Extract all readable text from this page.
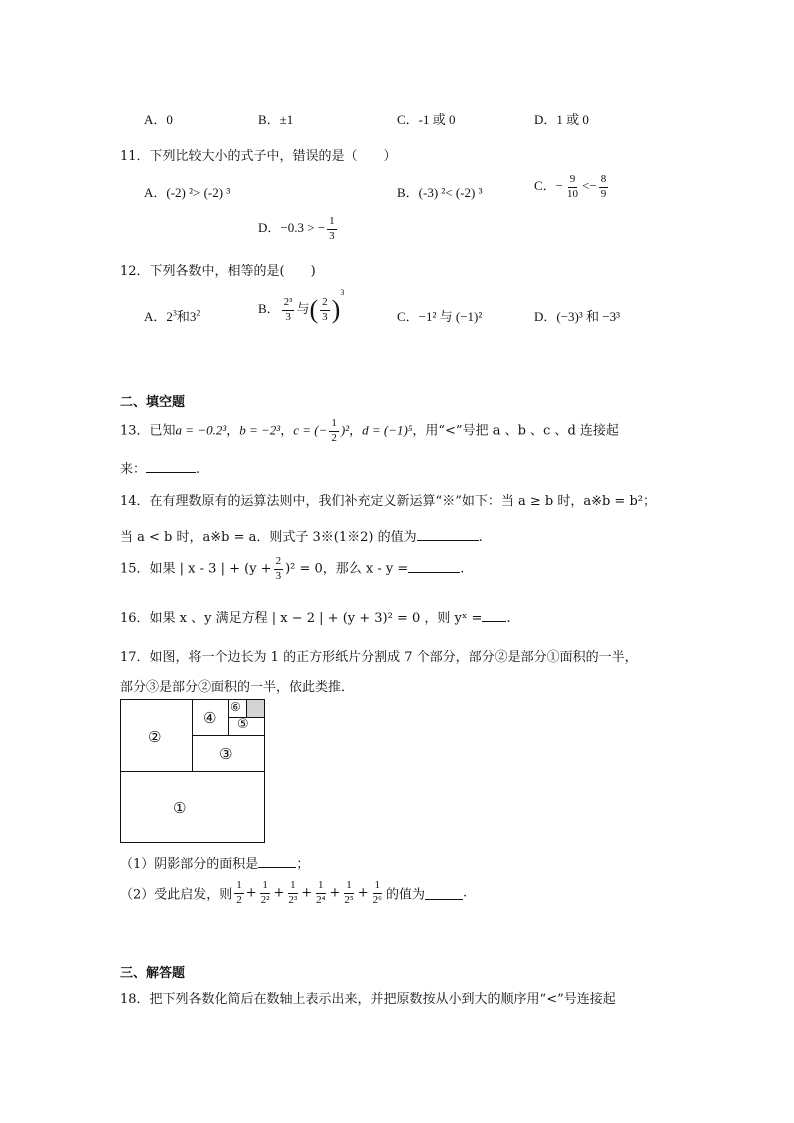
A．0	B．±1	C．-1 或 0	D．1 或 0
11．下列比较大小的式子中，错误的是（　　）
A．(-2) ²> (-2) ³	B．(-3) ²< (-2) ³	C．− $\frac{9}{10} <- \frac{8}{9}$
D．−0.3 > − $\frac{1}{3}$
12．下列各数中，相等的是(　　)
A．$2^3$和$3^2$	B． $\frac{\text{2³}}{3}$ 与( $\frac{2}{3} )^3$
C．−1² 与 (−1)²	D．(−3)³ 和 −3³
二、填空题
13．已知a = −0.2³，b = −2³，c = (− $\frac{1}{2} )^2$，d = (−1)⁵，用“<”号把 a 、b 、c 、d 连接起
来：	.
14．在有理数原有的运算法则中，我们补充定义新运算“※”如下：当 a ≥ b 时，a※b = b²；
当 a < b 时，a※b = a．则式子 3※(1※2) 的值为	.
15．如果 | x - 3 | + $(y + \frac{2}{3} )^2 = 0$，那么 x - y =	.
16．如果 x 、y 满足方程 | x − 2 | + (y + 3)² = 0 ，则 yˣ = .
17．如图，将一个边长为 1 的正方形纸片分割成 7 个部分，部分②是部分①面积的一半，
部分③是部分②面积的一半，依此类推．
①
②
③
④ ⑤
⑥
（1）阴影部分的面积是	；
（2）受此启发，则 $\frac{1}{2} + \frac{1}{\text{2²}} + \frac{1}{\text{2³}} + \frac{1}{\text{2⁴}} + \frac{1}{\text{2⁵}} + \frac{1}{\text{2⁶}}$ 的值为	.
三、解答题
18．把下列各数化简后在数轴上表示出来，并把原数按从小到大的顺序用“<”号连接起
